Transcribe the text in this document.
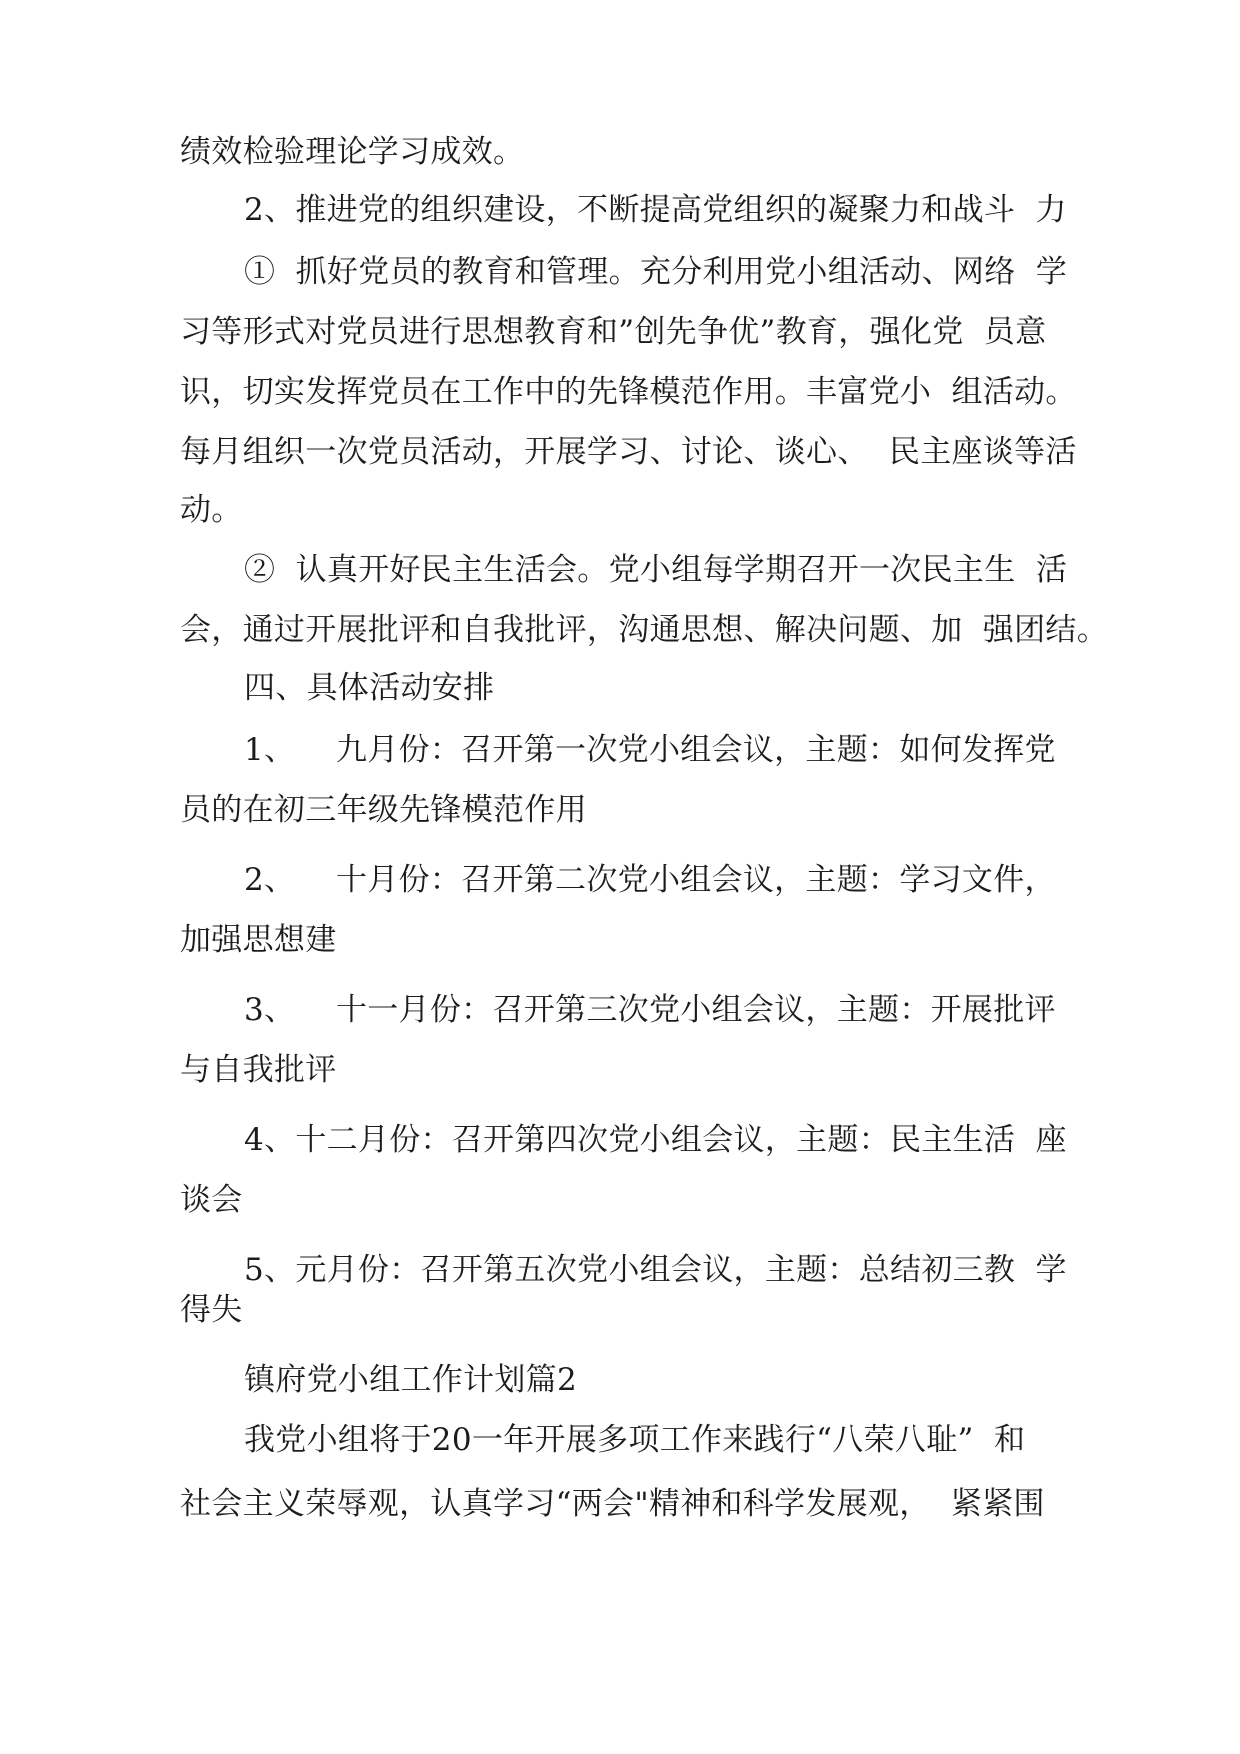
绩效检验理论学习成效。
2、推进党的组织建设，不断提高党组织的凝聚力和战斗  力
①  抓好党员的教育和管理。充分利用党小组活动、网络  学
习等形式对党员进行思想教育和”创先争优”教育，强化党  员意
识，切实发挥党员在工作中的先锋模范作用。丰富党小  组活动。
每月组织一次党员活动，开展学习、讨论、谈心、  民主座谈等活
动。
②  认真开好民主生活会。党小组每学期召开一次民主生  活
会，通过开展批评和自我批评，沟通思想、解决问题、加  强团结。
四、具体活动安排
1、    九月份：召开第一次党小组会议，主题：如何发挥党
员的在初三年级先锋模范作用
2、    十月份：召开第二次党小组会议，主题：学习文件，
加强思想建
3、    十一月份：召开第三次党小组会议，主题：开展批评
与自我批评
4、十二月份：召开第四次党小组会议，主题：民主生活  座
谈会
5、元月份：召开第五次党小组会议，主题：总结初三教  学
得失
镇府党小组工作计划篇2
我党小组将于20一年开展多项工作来践行“八荣八耻”  和
社会主义荣辱观，认真学习“两会"精神和科学发展观，  紧紧围
